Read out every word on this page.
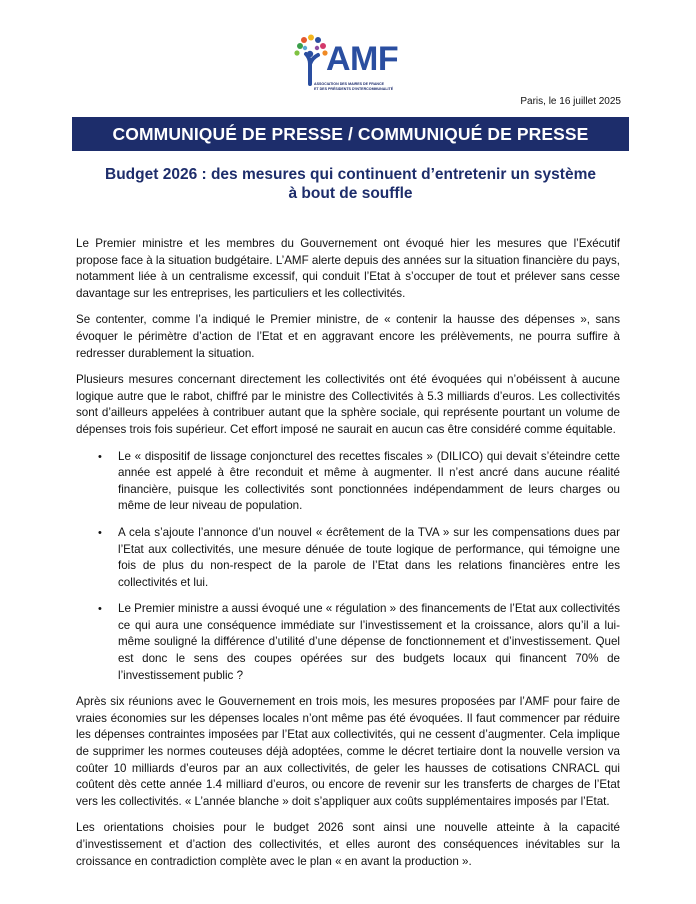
AMF
ASSOCIATION DES MAIRES DE FRANCE
ET DES PRÉSIDENTS D'INTERCOMMUNALITÉ
Paris, le 16 juillet 2025
COMMUNIQUÉ DE PRESSE / COMMUNIQUÉ DE PRESSE
Budget 2026 : des mesures qui continuent d’entretenir un système
à bout de souffle

Le Premier ministre et les membres du Gouvernement ont évoqué hier les mesures que l’Exécutif propose face à la situation budgétaire. L’AMF alerte depuis des années sur la situation financière du pays, notamment liée à un centralisme excessif, qui conduit l’Etat à s’occuper de tout et prélever sans cesse davantage sur les entreprises, les particuliers et les collectivités.

Se contenter, comme l’a indiqué le Premier ministre, de « contenir la hausse des dépenses », sans évoquer le périmètre d’action de l’Etat et en aggravant encore les prélèvements, ne pourra suffire à redresser durablement la situation.

Plusieurs mesures concernant directement les collectivités ont été évoquées qui n’obéissent à aucune logique autre que le rabot, chiffré par le ministre des Collectivités à 5.3 milliards d’euros. Les collectivités sont d’ailleurs appelées à contribuer autant que la sphère sociale, qui représente pourtant un volume de dépenses trois fois supérieur. Cet effort imposé ne saurait en aucun cas être considéré comme équitable.

• Le « dispositif de lissage conjoncturel des recettes fiscales » (DILICO) qui devait s’éteindre cette année est appelé à être reconduit et même à augmenter. Il n’est ancré dans aucune réalité financière, puisque les collectivités sont ponctionnées indépendamment de leurs charges ou même de leur niveau de population.
• A cela s’ajoute l’annonce d’un nouvel « écrêtement de la TVA » sur les compensations dues par l’Etat aux collectivités, une mesure dénuée de toute logique de performance, qui témoigne une fois de plus du non-respect de la parole de l’Etat dans les relations financières entre les collectivités et lui.
• Le Premier ministre a aussi évoqué une « régulation » des financements de l’Etat aux collectivités ce qui aura une conséquence immédiate sur l’investissement et la croissance, alors qu’il a lui-même souligné la différence d’utilité d’une dépense de fonctionnement et d’investissement. Quel est donc le sens des coupes opérées sur des budgets locaux qui financent 70% de l’investissement public ?

Après six réunions avec le Gouvernement en trois mois, les mesures proposées par l’AMF pour faire de vraies économies sur les dépenses locales n’ont même pas été évoquées. Il faut commencer par réduire les dépenses contraintes imposées par l’Etat aux collectivités, qui ne cessent d’augmenter. Cela implique de supprimer les normes couteuses déjà adoptées, comme le décret tertiaire dont la nouvelle version va coûter 10 milliards d’euros par an aux collectivités, de geler les hausses de cotisations CNRACL qui coûtent dès cette année 1.4 milliard d’euros, ou encore de revenir sur les transferts de charges de l’Etat vers les collectivités. « L’année blanche » doit s’appliquer aux coûts supplémentaires imposés par l’Etat.

Les orientations choisies pour le budget 2026 sont ainsi une nouvelle atteinte à la capacité d’investissement et d’action des collectivités, et elles auront des conséquences inévitables sur la croissance en contradiction complète avec le plan « en avant la production ».
